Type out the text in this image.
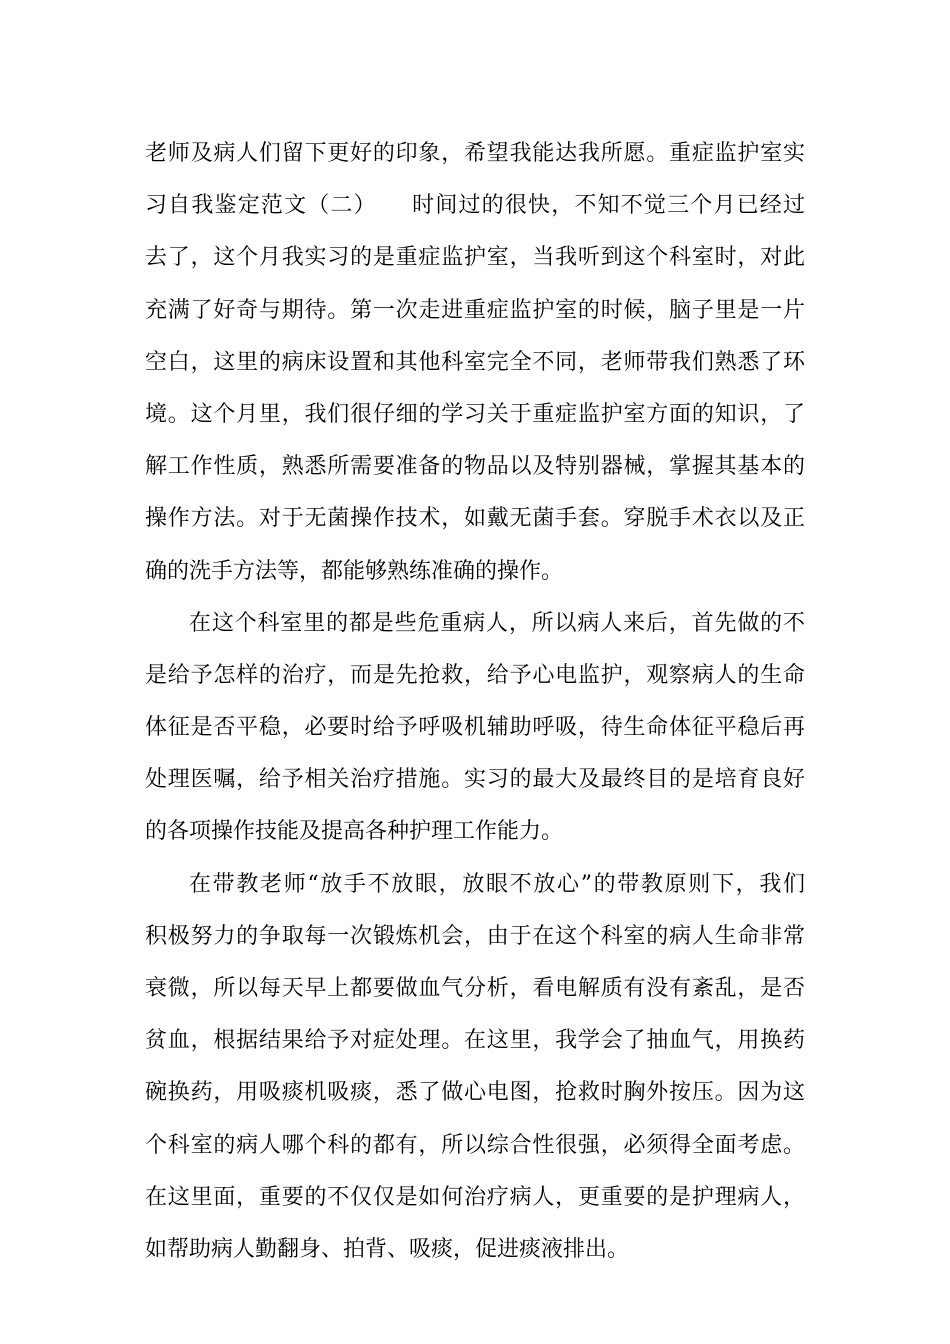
老师及病人们留下更好的印象，希望我能达我所愿。重症监护室实
习自我鉴定范文（二）　　时间过的很快，不知不觉三个月已经过
去了，这个月我实习的是重症监护室，当我听到这个科室时，对此
充满了好奇与期待。第一次走进重症监护室的时候，脑子里是一片
空白，这里的病床设置和其他科室完全不同，老师带我们熟悉了环
境。这个月里，我们很仔细的学习关于重症监护室方面的知识，了
解工作性质，熟悉所需要准备的物品以及特别器械，掌握其基本的
操作方法。对于无菌操作技术，如戴无菌手套。穿脱手术衣以及正
确的洗手方法等，都能够熟练准确的操作。
在这个科室里的都是些危重病人，所以病人来后，首先做的不
是给予怎样的治疗，而是先抢救，给予心电监护，观察病人的生命
体征是否平稳，必要时给予呼吸机辅助呼吸，待生命体征平稳后再
处理医嘱，给予相关治疗措施。实习的最大及最终目的是培育良好
的各项操作技能及提高各种护理工作能力。
在带教老师“放手不放眼，放眼不放心”的带教原则下，我们
积极努力的争取每一次锻炼机会，由于在这个科室的病人生命非常
衰微，所以每天早上都要做血气分析，看电解质有没有紊乱，是否
贫血，根据结果给予对症处理。在这里，我学会了抽血气，用换药
碗换药，用吸痰机吸痰，悉了做心电图，抢救时胸外按压。因为这
个科室的病人哪个科的都有，所以综合性很强，必须得全面考虑。
在这里面，重要的不仅仅是如何治疗病人，更重要的是护理病人，
如帮助病人勤翻身、拍背、吸痰，促进痰液排出。
